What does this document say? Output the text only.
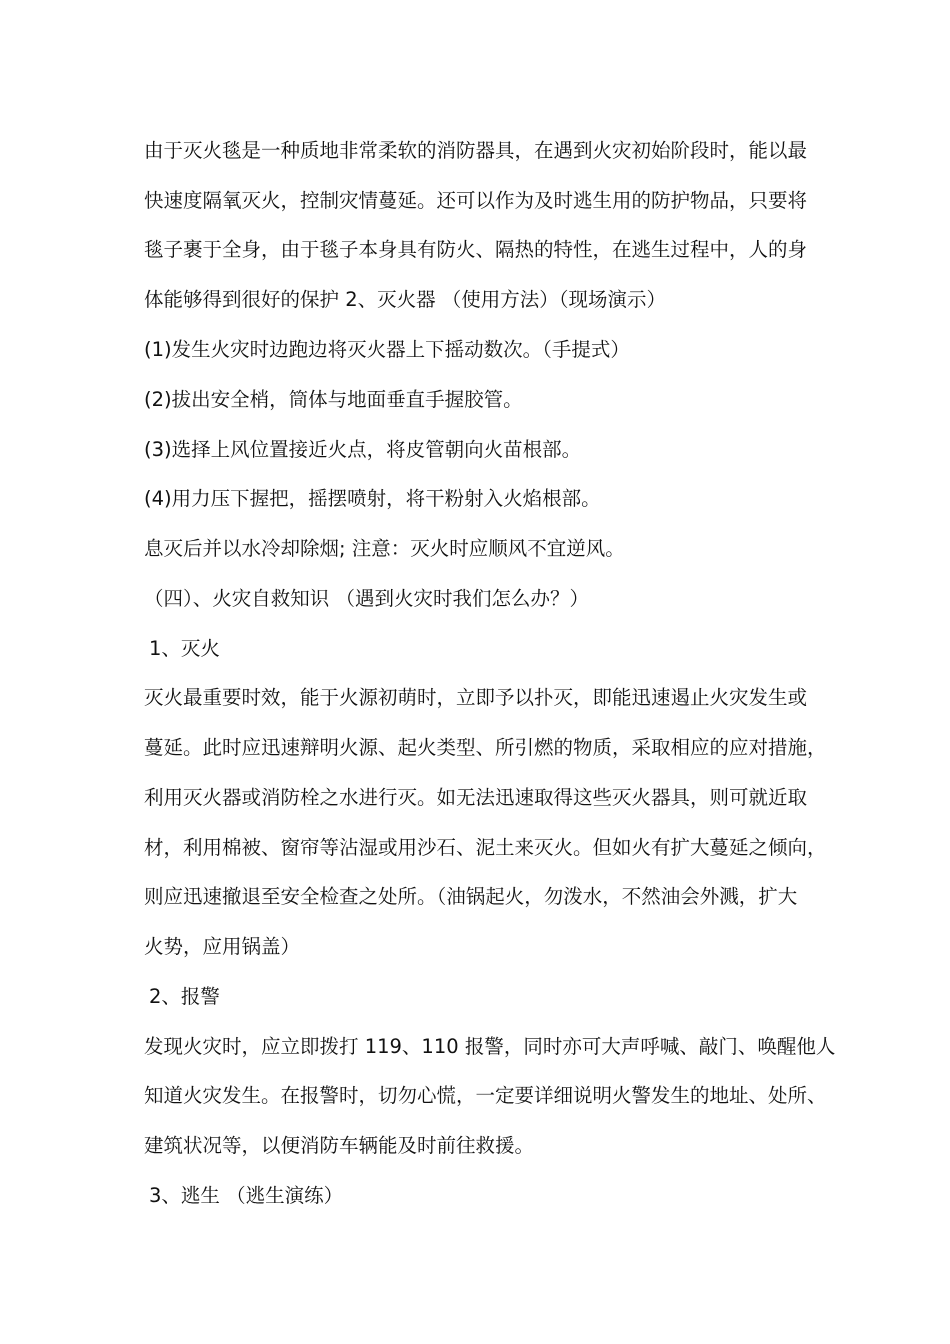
由于灭火毯是一种质地非常柔软的消防器具，在遇到火灾初始阶段时，能以最
快速度隔氧灭火，控制灾情蔓延。还可以作为及时逃生用的防护物品，只要将
毯子裹于全身，由于毯子本身具有防火、隔热的特性，在逃生过程中，人的身
体能够得到很好的保护 2、灭火器 （使用方法）（现场演示）
(1)发生火灾时边跑边将灭火器上下摇动数次。（手提式）
(2)拔出安全梢，筒体与地面垂直手握胶管。
(3)选择上风位置接近火点，将皮管朝向火苗根部。
(4)用力压下握把，摇摆喷射，将干粉射入火焰根部。
息灭后并以水冷却除烟; 注意：灭火时应顺风不宜逆风。
（四）、火灾自救知识 （遇到火灾时我们怎么办？）
1、灭火
灭火最重要时效，能于火源初萌时，立即予以扑灭，即能迅速遏止火灾发生或
蔓延。此时应迅速辩明火源、起火类型、所引燃的物质，采取相应的应对措施，
利用灭火器或消防栓之水进行灭。如无法迅速取得这些灭火器具，则可就近取
材，利用棉被、窗帘等沾湿或用沙石、泥土来灭火。但如火有扩大蔓延之倾向，
则应迅速撤退至安全检查之处所。（油锅起火，勿泼水，不然油会外溅，扩大
火势，应用锅盖）
2、报警
发现火灾时，应立即拨打 119、110 报警，同时亦可大声呼喊、敲门、唤醒他人
知道火灾发生。在报警时，切勿心慌，一定要详细说明火警发生的地址、处所、
建筑状况等，以便消防车辆能及时前往救援。
3、逃生 （逃生演练）
